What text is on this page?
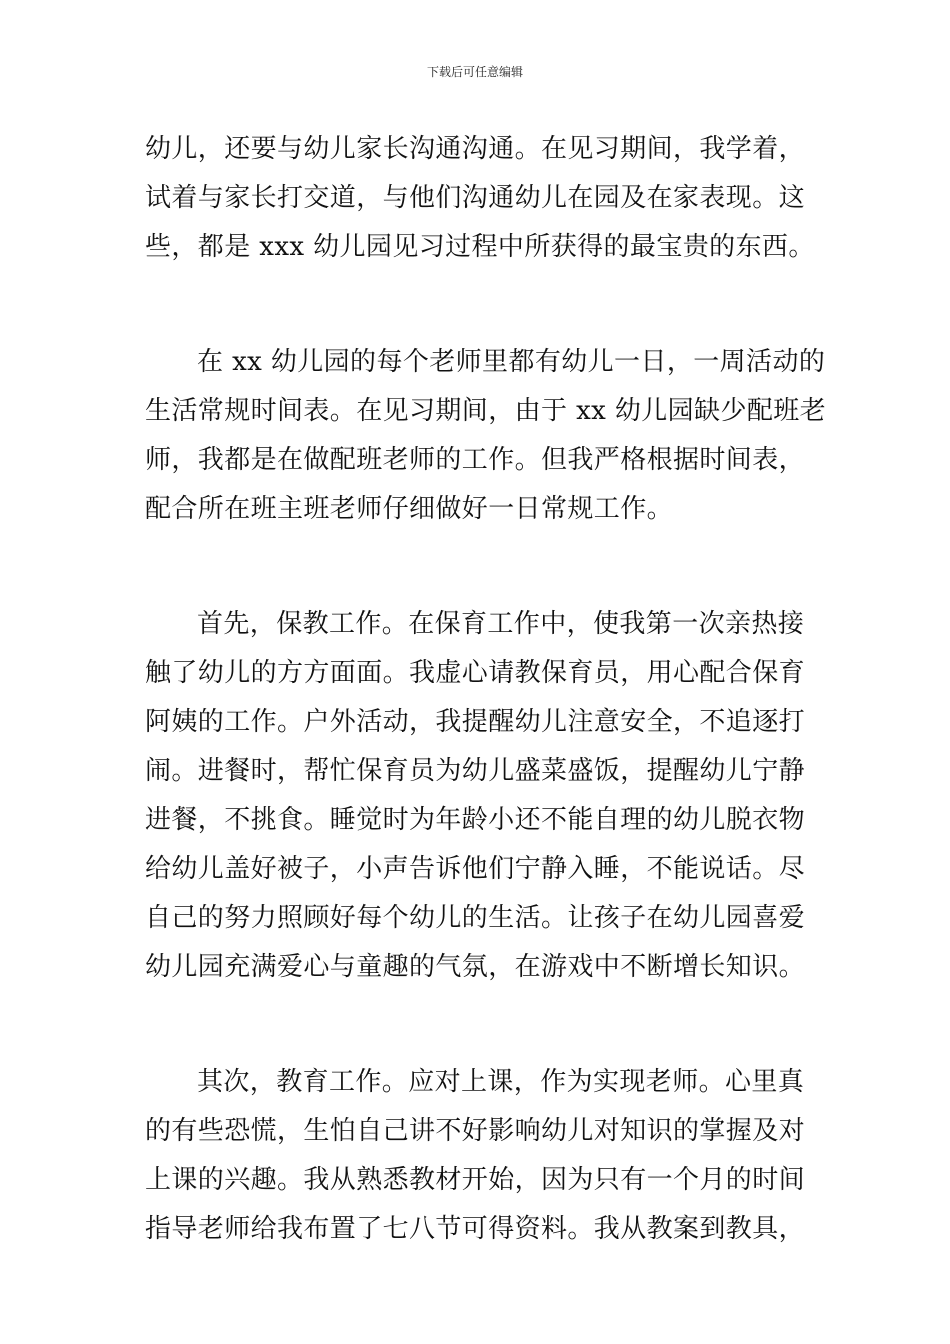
下载后可任意编辑
幼儿，还要与幼儿家长沟通沟通。在见习期间，我学着，
试着与家长打交道，与他们沟通幼儿在园及在家表现。这
些，都是 xxx 幼儿园见习过程中所获得的最宝贵的东西。
在 xx 幼儿园的每个老师里都有幼儿一日，一周活动的
生活常规时间表。在见习期间，由于 xx 幼儿园缺少配班老
师，我都是在做配班老师的工作。但我严格根据时间表，
配合所在班主班老师仔细做好一日常规工作。
首先，保教工作。在保育工作中，使我第一次亲热接
触了幼儿的方方面面。我虚心请教保育员，用心配合保育
阿姨的工作。户外活动，我提醒幼儿注意安全，不追逐打
闹。进餐时，帮忙保育员为幼儿盛菜盛饭，提醒幼儿宁静
进餐，不挑食。睡觉时为年龄小还不能自理的幼儿脱衣物
给幼儿盖好被子，小声告诉他们宁静入睡，不能说话。尽
自己的努力照顾好每个幼儿的生活。让孩子在幼儿园喜爱
幼儿园充满爱心与童趣的气氛，在游戏中不断增长知识。
其次，教育工作。应对上课，作为实现老师。心里真
的有些恐慌，生怕自己讲不好影响幼儿对知识的掌握及对
上课的兴趣。我从熟悉教材开始，因为只有一个月的时间
指导老师给我布置了七八节可得资料。我从教案到教具，
